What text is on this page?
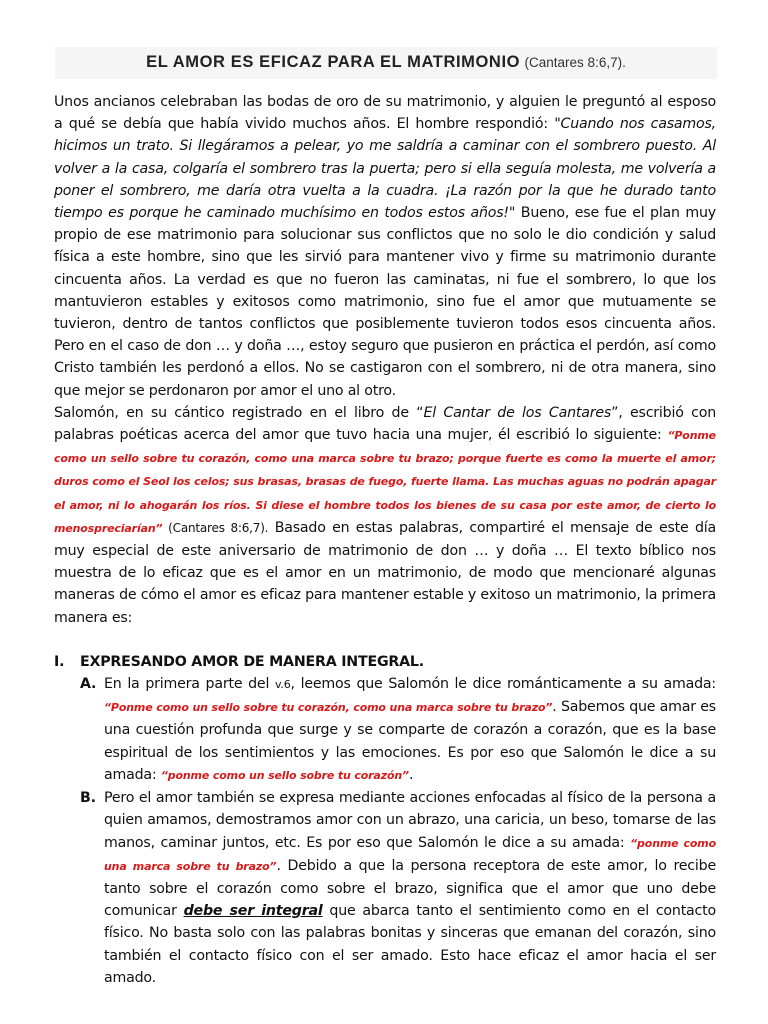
EL AMOR ES EFICAZ PARA EL MATRIMONIO (Cantares 8:6,7).

Unos ancianos celebraban las bodas de oro de su matrimonio, y alguien le preguntó al esposo a qué se debía que había vivido muchos años. El hombre respondió: "Cuando nos casamos, hicimos un trato. Si llegáramos a pelear, yo me saldría a caminar con el sombrero puesto. Al volver a la casa, colgaría el sombrero tras la puerta; pero si ella seguía molesta, me volvería a poner el sombrero, me daría otra vuelta a la cuadra. ¡La razón por la que he durado tanto tiempo es porque he caminado muchísimo en todos estos años!" Bueno, ese fue el plan muy propio de ese matrimonio para solucionar sus conflictos que no solo le dio condición y salud física a este hombre, sino que les sirvió para mantener vivo y firme su matrimonio durante cincuenta años. La verdad es que no fueron las caminatas, ni fue el sombrero, lo que los mantuvieron estables y exitosos como matrimonio, sino fue el amor que mutuamente se tuvieron, dentro de tantos conflictos que posiblemente tuvieron todos esos cincuenta años. Pero en el caso de don … y doña …, estoy seguro que pusieron en práctica el perdón, así como Cristo también les perdonó a ellos. No se castigaron con el sombrero, ni de otra manera, sino que mejor se perdonaron por amor el uno al otro.

Salomón, en su cántico registrado en el libro de “El Cantar de los Cantares”, escribió con palabras poéticas acerca del amor que tuvo hacia una mujer, él escribió lo siguiente: “Ponme como un sello sobre tu corazón, como una marca sobre tu brazo; porque fuerte es como la muerte el amor; duros como el Seol los celos; sus brasas, brasas de fuego, fuerte llama. Las muchas aguas no podrán apagar el amor, ni lo ahogarán los ríos. Si diese el hombre todos los bienes de su casa por este amor, de cierto lo menospreciarían” (Cantares 8:6,7). Basado en estas palabras, compartiré el mensaje de este día muy especial de este aniversario de matrimonio de don … y doña … El texto bíblico nos muestra de lo eficaz que es el amor en un matrimonio, de modo que mencionaré algunas maneras de cómo el amor es eficaz para mantener estable y exitoso un matrimonio, la primera manera es:

I.	EXPRESANDO AMOR DE MANERA INTEGRAL.
A. En la primera parte del v.6, leemos que Salomón le dice románticamente a su amada: “Ponme como un sello sobre tu corazón, como una marca sobre tu brazo”. Sabemos que amar es una cuestión profunda que surge y se comparte de corazón a corazón, que es la base espiritual de los sentimientos y las emociones. Es por eso que Salomón le dice a su amada: “ponme como un sello sobre tu corazón”.

B. Pero el amor también se expresa mediante acciones enfocadas al físico de la persona a quien amamos, demostramos amor con un abrazo, una caricia, un beso, tomarse de las manos, caminar juntos, etc. Es por eso que Salomón le dice a su amada: “ponme como una marca sobre tu brazo”. Debido a que la persona receptora de este amor, lo recibe tanto sobre el corazón como sobre el brazo, significa que el amor que uno debe comunicar debe ser integral que abarca tanto el sentimiento como en el contacto físico. No basta solo con las palabras bonitas y sinceras que emanan del corazón, sino también el contacto físico con el ser amado. Esto hace eficaz el amor hacia el ser amado.
